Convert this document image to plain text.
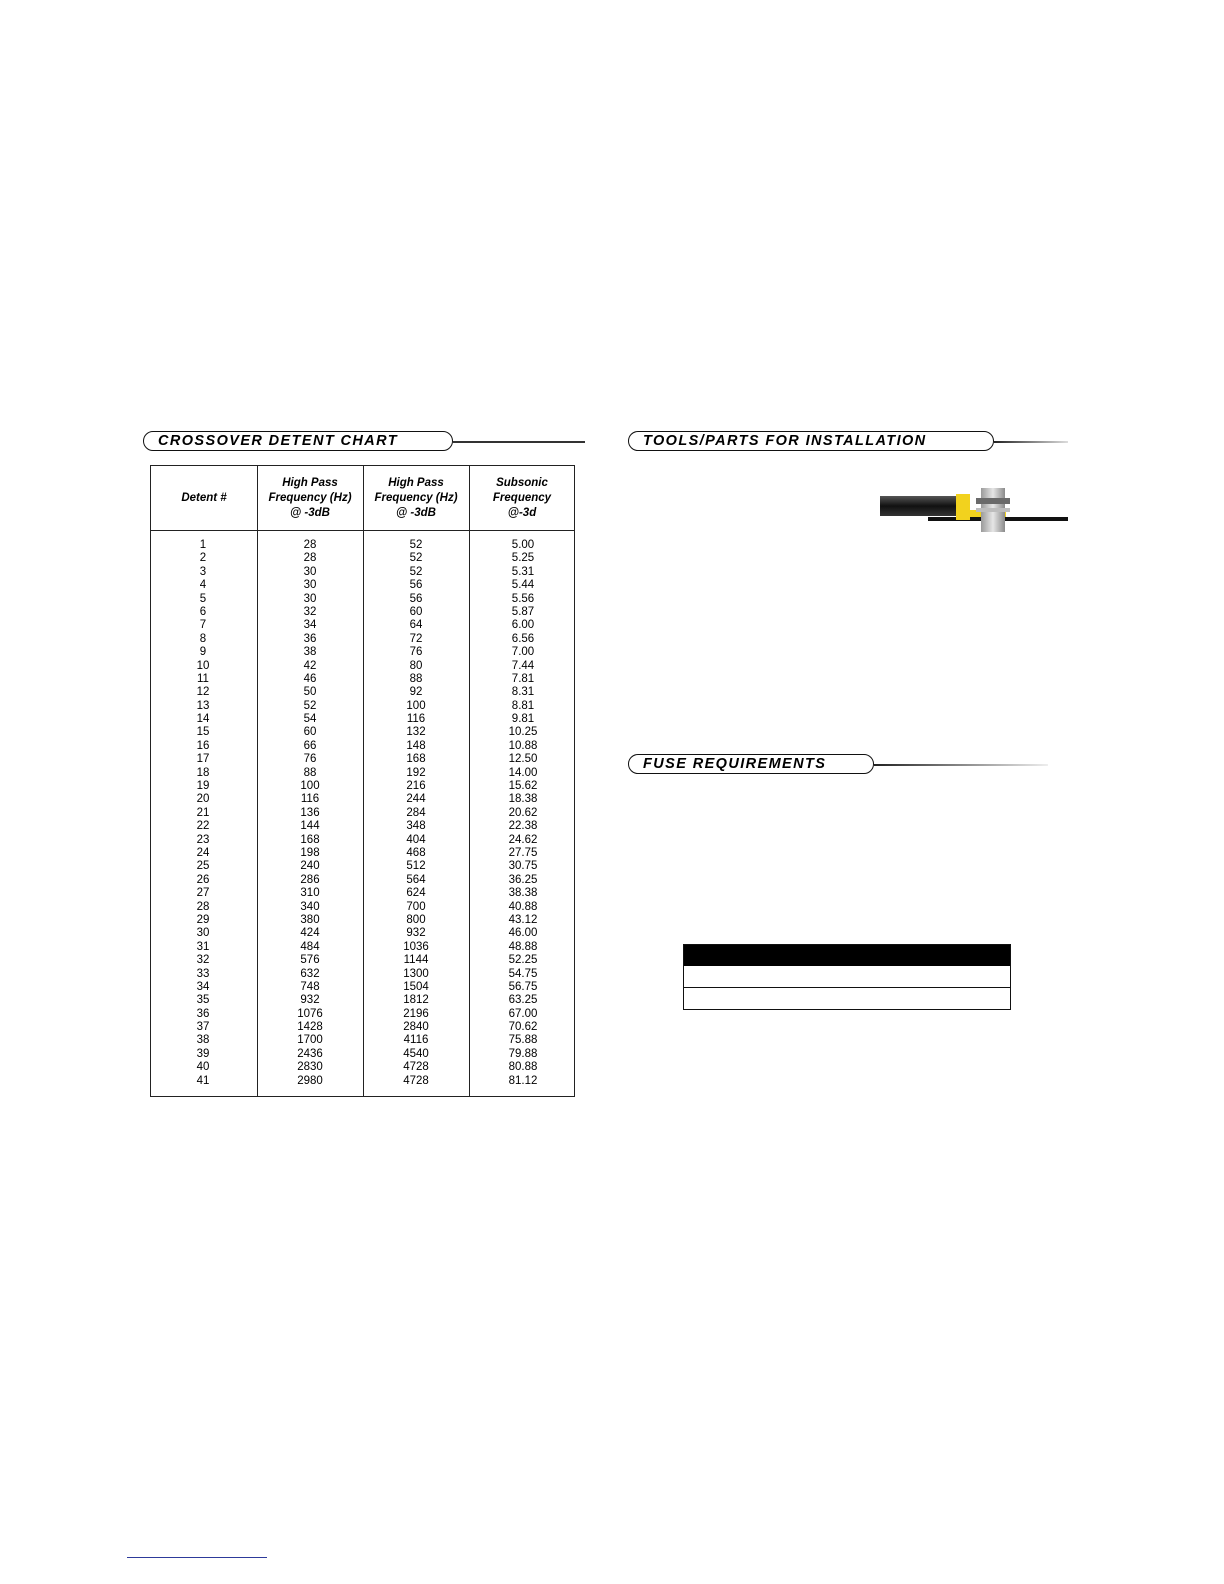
CROSSOVER DETENT CHART
Detent #
High Pass Frequency (Hz) @ -3dB
High Pass Frequency (Hz) @ -3dB
Subsonic Frequency @-3d
1
2
3
4
5
6
7
8
9
10
11
12
13
14
15
16
17
18
19
20
21
22
23
24
25
26
27
28
29
30
31
32
33
34
35
36
37
38
39
40
41
28
28
30
30
30
32
34
36
38
42
46
50
52
54
60
66
76
88
100
116
136
144
168
198
240
286
310
340
380
424
484
576
632
748
932
1076
1428
1700
2436
2830
2980
52
52
52
56
56
60
64
72
76
80
88
92
100
116
132
148
168
192
216
244
284
348
404
468
512
564
624
700
800
932
1036
1144
1300
1504
1812
2196
2840
4116
4540
4728
4728
5.00
5.25
5.31
5.44
5.56
5.87
6.00
6.56
7.00
7.44
7.81
8.31
8.81
9.81
10.25
10.88
12.50
14.00
15.62
18.38
20.62
22.38
24.62
27.75
30.75
36.25
38.38
40.88
43.12
46.00
48.88
52.25
54.75
56.75
63.25
67.00
70.62
75.88
79.88
80.88
81.12
TOOLS/PARTS FOR INSTALLATION
FUSE REQUIREMENTS
